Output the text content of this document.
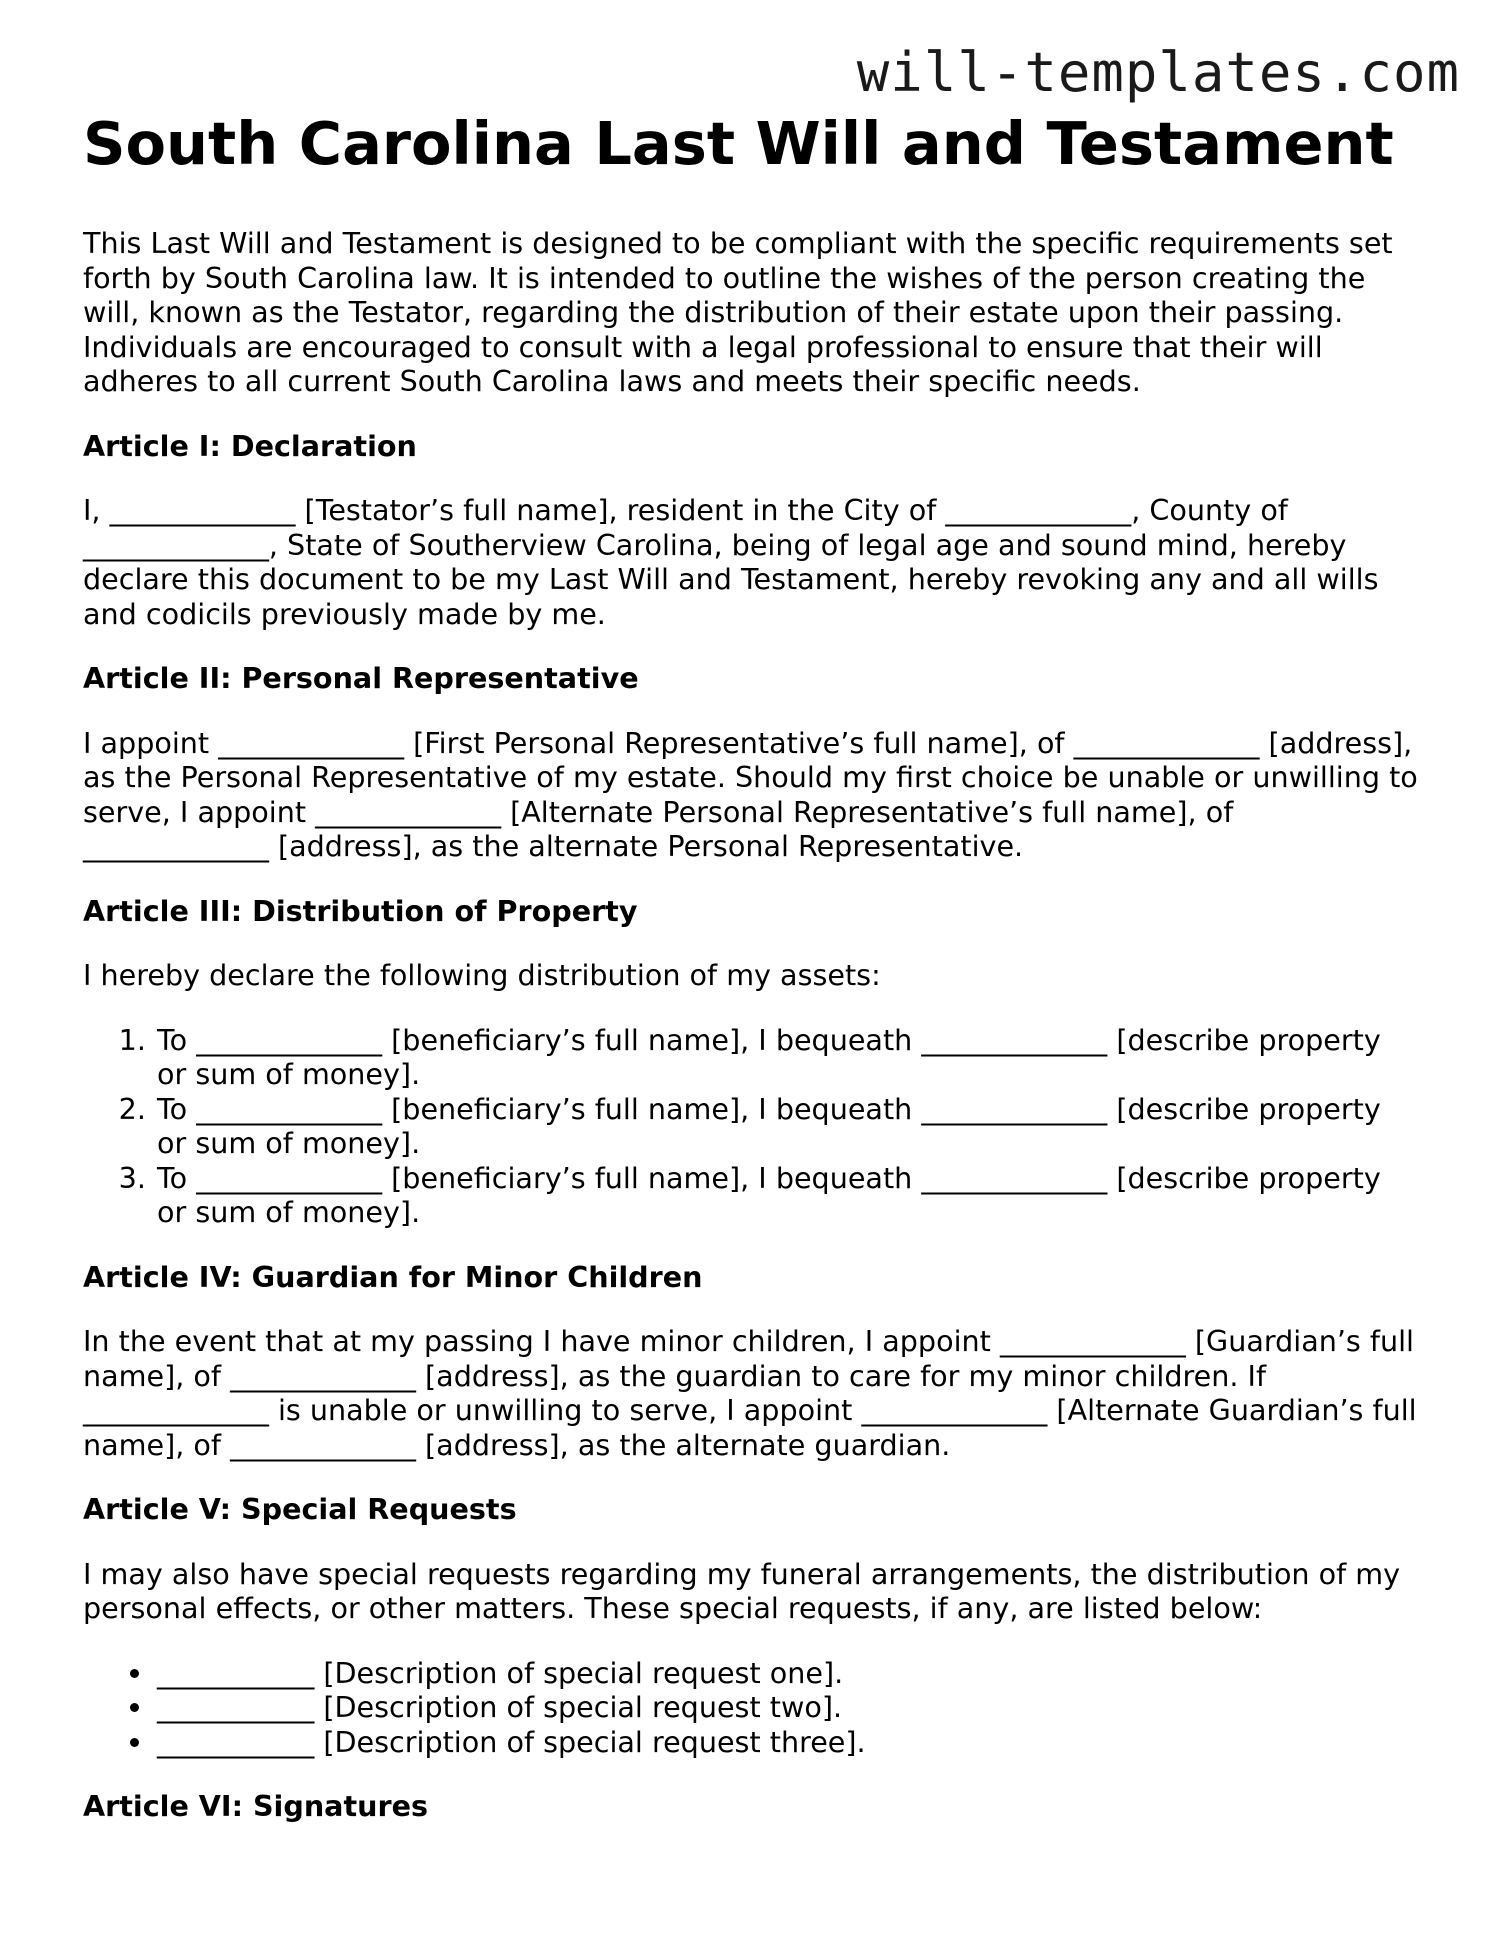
will-templates.com
South Carolina Last Will and Testament

This Last Will and Testament is designed to be compliant with the specific requirements set forth by South Carolina law. It is intended to outline the wishes of the person creating the will, known as the Testator, regarding the distribution of their estate upon their passing. Individuals are encouraged to consult with a legal professional to ensure that their will adheres to all current South Carolina laws and meets their specific needs.

Article I: Declaration

I, _____________ [Testator’s full name], resident in the City of _____________, County of _____________, State of Southerview Carolina, being of legal age and sound mind, hereby declare this document to be my Last Will and Testament, hereby revoking any and all wills and codicils previously made by me.

Article II: Personal Representative

I appoint _____________ [First Personal Representative’s full name], of _____________ [address], as the Personal Representative of my estate. Should my first choice be unable or unwilling to serve, I appoint _____________ [Alternate Personal Representative’s full name], of _____________ [address], as the alternate Personal Representative.

Article III: Distribution of Property

I hereby declare the following distribution of my assets:

1. To _____________ [beneficiary’s full name], I bequeath _____________ [describe property or sum of money].
2. To _____________ [beneficiary’s full name], I bequeath _____________ [describe property or sum of money].
3. To _____________ [beneficiary’s full name], I bequeath _____________ [describe property or sum of money].
Article IV: Guardian for Minor Children

In the event that at my passing I have minor children, I appoint _____________ [Guardian’s full name], of _____________ [address], as the guardian to care for my minor children. If _____________ is unable or unwilling to serve, I appoint _____________ [Alternate Guardian’s full name], of _____________ [address], as the alternate guardian.

Article V: Special Requests

I may also have special requests regarding my funeral arrangements, the distribution of my personal effects, or other matters. These special requests, if any, are listed below:

• ___________ [Description of special request one].
• ___________ [Description of special request two].
• ___________ [Description of special request three].
Article VI: Signatures
